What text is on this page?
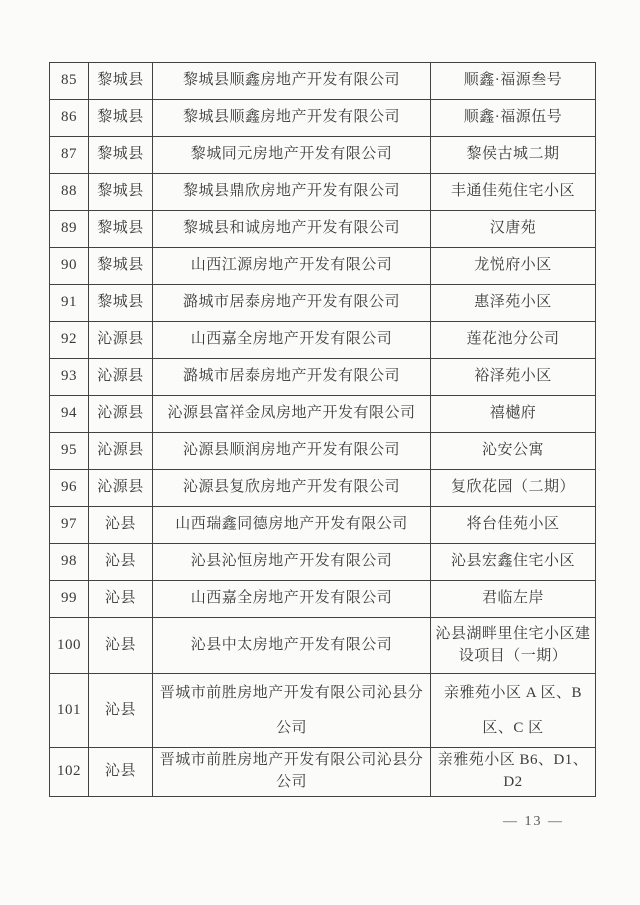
85	黎城县	黎城县顺鑫房地产开发有限公司	顺鑫·福源叁号
86	黎城县	黎城县顺鑫房地产开发有限公司	顺鑫·福源伍号
87	黎城县	黎城同元房地产开发有限公司	黎侯古城二期
88	黎城县	黎城县鼎欣房地产开发有限公司	丰通佳苑住宅小区
89	黎城县	黎城县和诚房地产开发有限公司	汉唐苑
90	黎城县	山西江源房地产开发有限公司	龙悦府小区
91	黎城县	潞城市居泰房地产开发有限公司	惠泽苑小区
92	沁源县	山西嘉全房地产开发有限公司	莲花池分公司
93	沁源县	潞城市居泰房地产开发有限公司	裕泽苑小区
94	沁源县	沁源县富祥金凤房地产开发有限公司	禧樾府
95	沁源县	沁源县顺润房地产开发有限公司	沁安公寓
96	沁源县	沁源县复欣房地产开发有限公司	复欣花园（二期）
97	沁县	山西瑞鑫同德房地产开发有限公司	将台佳苑小区
98	沁县	沁县沁恒房地产开发有限公司	沁县宏鑫住宅小区
99	沁县	山西嘉全房地产开发有限公司	君临左岸
100	沁县	沁县中太房地产开发有限公司	沁县湖畔里住宅小区建设项目（一期）
101	沁县	晋城市前胜房地产开发有限公司沁县分公司	亲雅苑小区 A 区、B 区、C 区
102	沁县	晋城市前胜房地产开发有限公司沁县分公司	亲雅苑小区 B6、D1、D2
— 13 —
